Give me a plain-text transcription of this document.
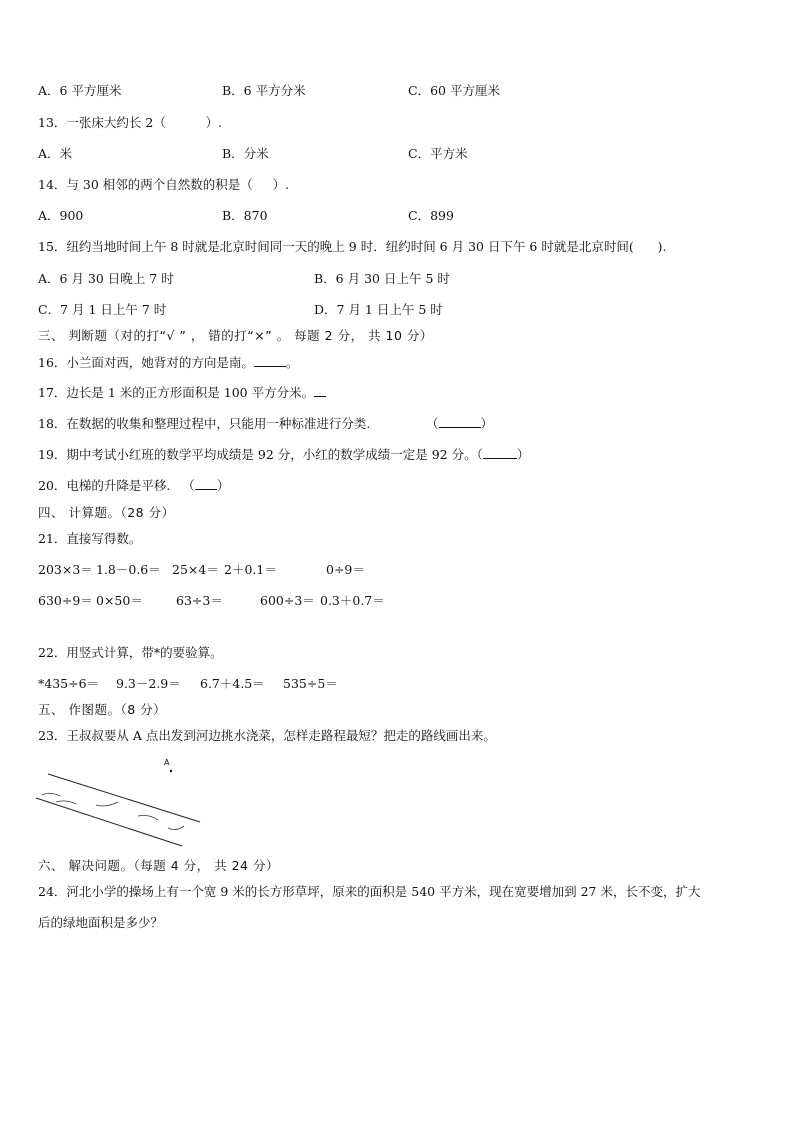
A．6 平方厘米	B．6 平方分米	C．60 平方厘米
13．一张床大约长 2（          ）.
A．米	B．分米	C．平方米
14．与 30 相邻的两个自然数的积是（     ）.
A．900	B．870	C．899
15．纽约当地时间上午 8 时就是北京时间同一天的晚上 9 时．纽约时间 6 月 30 日下午 6 时就是北京时间(      ).
A．6 月 30 日晚上 7 时	B．6 月 30 日上午 5 时
C．7 月 1 日上午 7 时	D．7 月 1 日上午 5 时
三、 判断题（对的打“√ ” ， 错的打“×” 。 每题 2 分， 共 10 分）
16．小兰面对西，她背对的方向是南。	。
17．边长是 1 米的正方形面积是 100 平方分米。
18．在数据的收集和整理过程中，只能用一种标准进行分类.              （	）
19．期中考试小红班的数学平均成绩是 92 分，小红的数学成绩一定是 92 分。（	）
20．电梯的升降是平移.   （ ）
四、 计算题。（28 分）
21．直接写得数。
203×3＝ 1.8－0.6＝ 25×4＝ 2＋0.1＝	0÷9＝
630÷9＝ 0×50＝	63÷3＝	600÷3＝ 0.3＋0.7＝
22．用竖式计算，带*的要验算。
*435÷6＝ 9.3－2.9＝ 6.7＋4.5＝ 535÷5＝
五、 作图题。（8 分）
23．王叔叔要从 A 点出发到河边挑水浇菜，怎样走路程最短？把走的路线画出来。
A
六、 解决问题。（每题 4 分， 共 24 分）
24．河北小学的操场上有一个宽 9 米的长方形草坪，原来的面积是 540 平方米，现在宽要增加到 27 米，长不变，扩大
后的绿地面积是多少？
